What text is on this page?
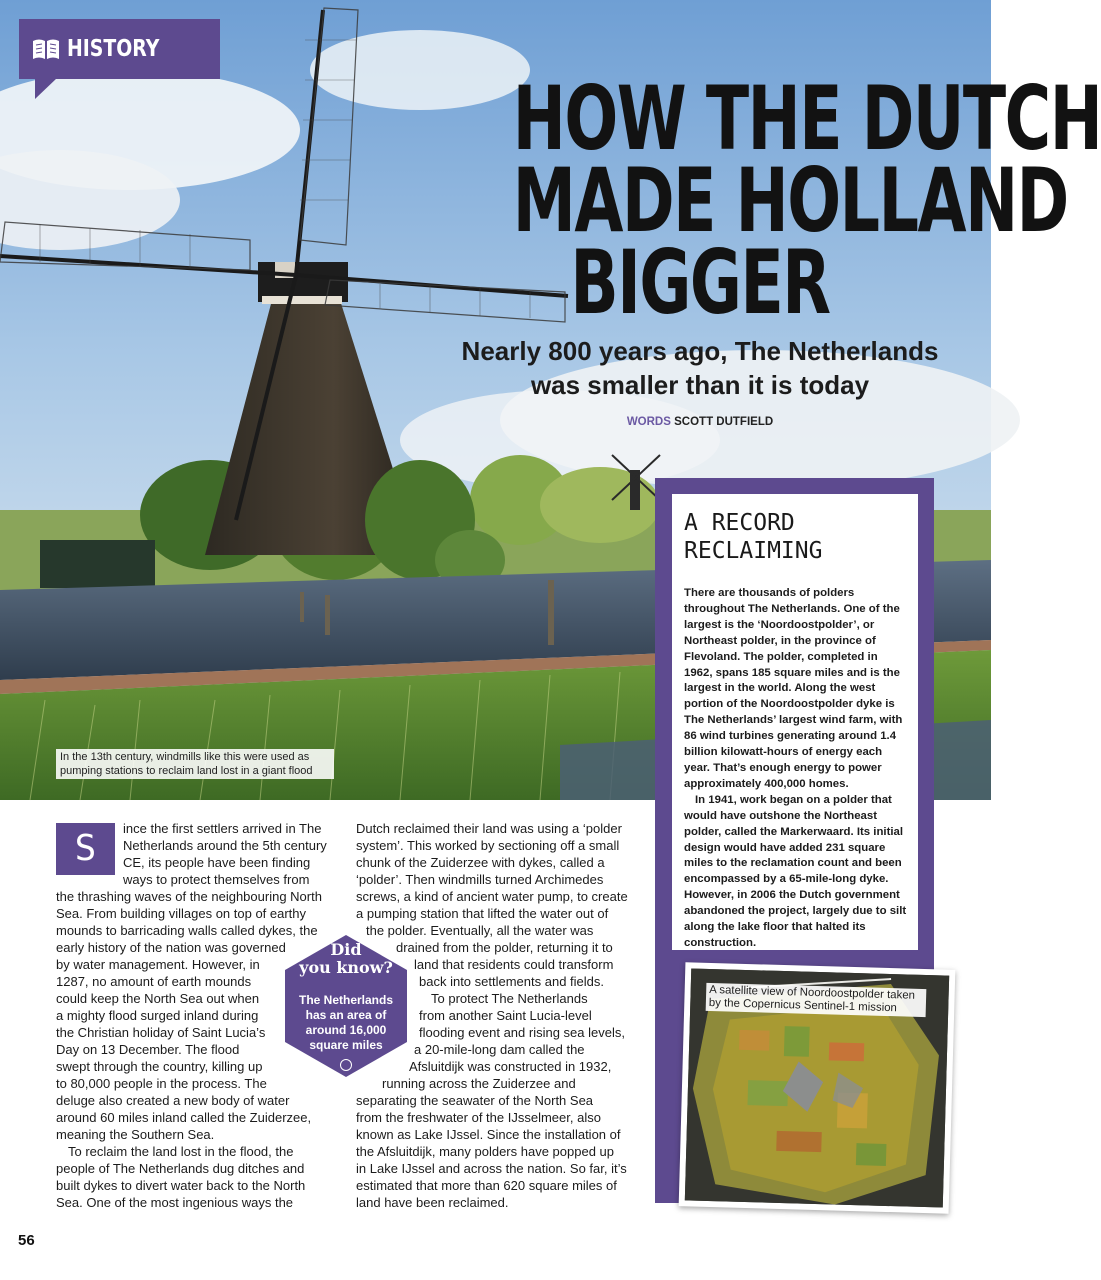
HISTORY
HOW THE DUTCH
MADE HOLLAND
BIGGER
Nearly 800 years ago, The Netherlands was smaller than it is today
WORDS SCOTT DUTFIELD
In the 13th century, windmills like this were used as pumping stations to reclaim land lost in a giant flood
A RECORD RECLAIMING

There are thousands of polders throughout The Netherlands. One of the largest is the ‘Noordoostpolder’, or Northeast polder, in the province of Flevoland. The polder, completed in 1962, spans 185 square miles and is the largest in the world. Along the west portion of the Noordoostpolder dyke is The Netherlands’ largest wind farm, with 86 wind turbines generating around 1.4 billion kilowatt-hours of energy each year. That’s enough energy to power approximately 400,000 homes.

In 1941, work began on a polder that would have outshone the Northeast polder, called the Markerwaard. Its initial design would have added 231 square miles to the reclamation count and been encompassed by a 65-mile-long dyke. However, in 2006 the Dutch government abandoned the project, largely due to silt along the lake floor that halted its construction.

A satellite view of Noordoostpolder taken by the Copernicus Sentinel-1 mission
S	ince the first settlers arrived in The
Netherlands around the 5th century
CE, its people have been finding
ways to protect themselves from
the thrashing waves of the neighbouring North
Sea. From building villages on top of earthy
mounds to barricading walls called dykes, the
early history of the nation was governed
by water management. However, in
1287, no amount of earth mounds
could keep the North Sea out when
a mighty flood surged inland during
the Christian holiday of Saint Lucia’s
Day on 13 December. The flood
swept through the country, killing up
to 80,000 people in the process. The
deluge also created a new body of water
around 60 miles inland called the Zuiderzee,
meaning the Southern Sea.
To reclaim the land lost in the flood, the
people of The Netherlands dug ditches and
built dykes to divert water back to the North
Sea. One of the most ingenious ways the
Dutch reclaimed their land was using a ‘polder
system’. This worked by sectioning off a small
chunk of the Zuiderzee with dykes, called a
‘polder’. Then windmills turned Archimedes
screws, a kind of ancient water pump, to create
a pumping station that lifted the water out of
the polder. Eventually, all the water was
drained from the polder, returning it to
land that residents could transform
back into settlements and fields.
To protect The Netherlands
from another Saint Lucia-level
flooding event and rising sea levels,
a 20-mile-long dam called the
Afsluitdijk was constructed in 1932,
running across the Zuiderzee and
separating the seawater of the North Sea
from the freshwater of the IJsselmeer, also
known as Lake IJssel. Since the installation of
the Afsluitdijk, many polders have popped up
in Lake IJssel and across the nation. So far, it’s
estimated that more than 620 square miles of
land have been reclaimed.
Did
you know?
The Netherlands has an area of around 16,000 square miles
56
